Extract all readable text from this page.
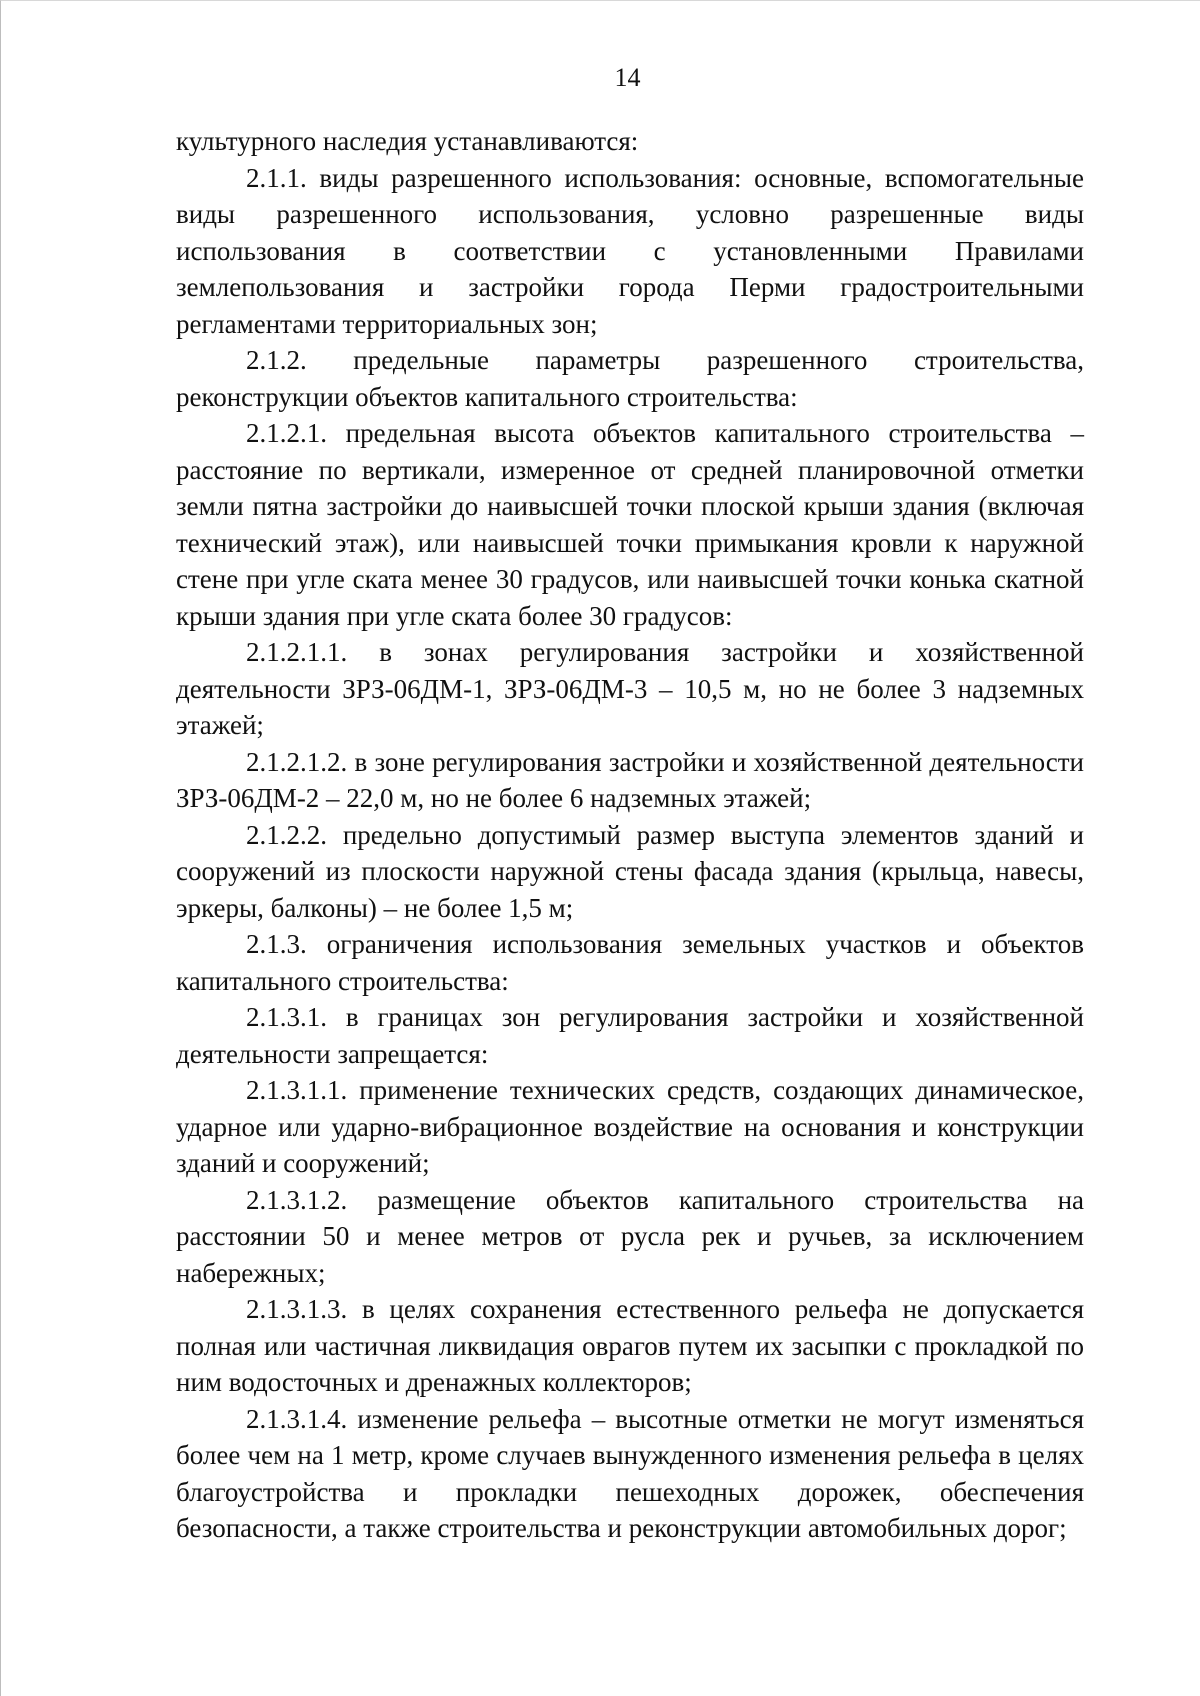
14

культурного наследия устанавливаются:

2.1.1. виды разрешенного использования: основные, вспомогательные виды разрешенного использования, условно разрешенные виды использования в соответствии с установленными Правилами землепользования и застройки города Перми градостроительными регламентами территориальных зон;

2.1.2. предельные параметры разрешенного строительства, реконструкции объектов капитального строительства:

2.1.2.1. предельная высота объектов капитального строительства – расстояние по вертикали, измеренное от средней планировочной отметки земли пятна застройки до наивысшей точки плоской крыши здания (включая технический этаж), или наивысшей точки примыкания кровли к наружной стене при угле ската менее 30 градусов, или наивысшей точки конька скатной крыши здания при угле ската более 30 градусов:

2.1.2.1.1. в зонах регулирования застройки и хозяйственной деятельности ЗРЗ-06ДМ-1, ЗРЗ-06ДМ-3 – 10,5 м, но не более 3 надземных этажей;

2.1.2.1.2. в зоне регулирования застройки и хозяйственной деятельности ЗРЗ-06ДМ-2 – 22,0 м, но не более 6 надземных этажей;

2.1.2.2. предельно допустимый размер выступа элементов зданий и сооружений из плоскости наружной стены фасада здания (крыльца, навесы, эркеры, балконы) – не более 1,5 м;

2.1.3. ограничения использования земельных участков и объектов капитального строительства:

2.1.3.1. в границах зон регулирования застройки и хозяйственной деятельности запрещается:

2.1.3.1.1. применение технических средств, создающих динамическое, ударное или ударно-вибрационное воздействие на основания и конструкции зданий и сооружений;

2.1.3.1.2. размещение объектов капитального строительства на расстоянии 50 и менее метров от русла рек и ручьев, за исключением набережных;

2.1.3.1.3. в целях сохранения естественного рельефа не допускается полная или частичная ликвидация оврагов путем их засыпки с прокладкой по ним водосточных и дренажных коллекторов;

2.1.3.1.4. изменение рельефа – высотные отметки не могут изменяться более чем на 1 метр, кроме случаев вынужденного изменения рельефа в целях благоустройства и прокладки пешеходных дорожек, обеспечения безопасности, а также строительства и реконструкции автомобильных дорог;
